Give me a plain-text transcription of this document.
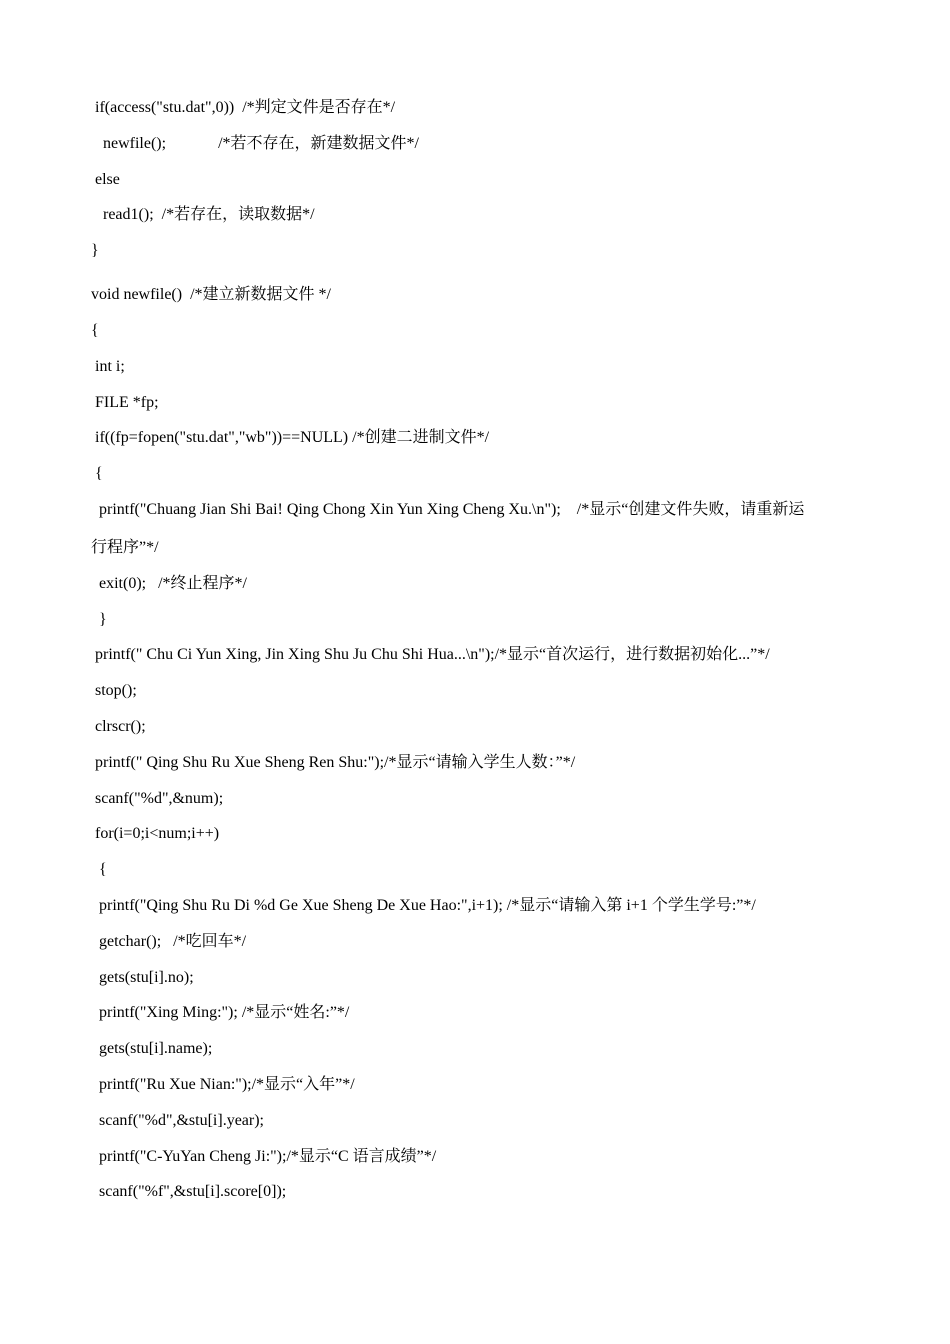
if(access("stu.dat",0))  /*判定文件是否存在*/
newfile();             /*若不存在，新建数据文件*/
else
read1();  /*若存在，读取数据*/
}
void newfile()  /*建立新数据文件 */
{
int i;
FILE *fp;
if((fp=fopen("stu.dat","wb"))==NULL) /*创建二进制文件*/
{
printf("Chuang Jian Shi Bai! Qing Chong Xin Yun Xing Cheng Xu.\n");    /*显示“创建文件失败，请重新运
行程序”*/
exit(0);   /*终止程序*/
}
printf(" Chu Ci Yun Xing, Jin Xing Shu Ju Chu Shi Hua...\n");/*显示“首次运行，进行数据初始化...”*/
stop();
clrscr();
printf(" Qing Shu Ru Xue Sheng Ren Shu:");/*显示“请输入学生人数：”*/
scanf("%d",&num);
for(i=0;i<num;i++)
{
printf("Qing Shu Ru Di %d Ge Xue Sheng De Xue Hao:",i+1); /*显示“请输入第 i+1 个学生学号:”*/
getchar();   /*吃回车*/
gets(stu[i].no);
printf("Xing Ming:"); /*显示“姓名:”*/
gets(stu[i].name);
printf("Ru Xue Nian:");/*显示“入年”*/
scanf("%d",&stu[i].year);
printf("C-YuYan Cheng Ji:");/*显示“C 语言成绩”*/
scanf("%f",&stu[i].score[0]);
